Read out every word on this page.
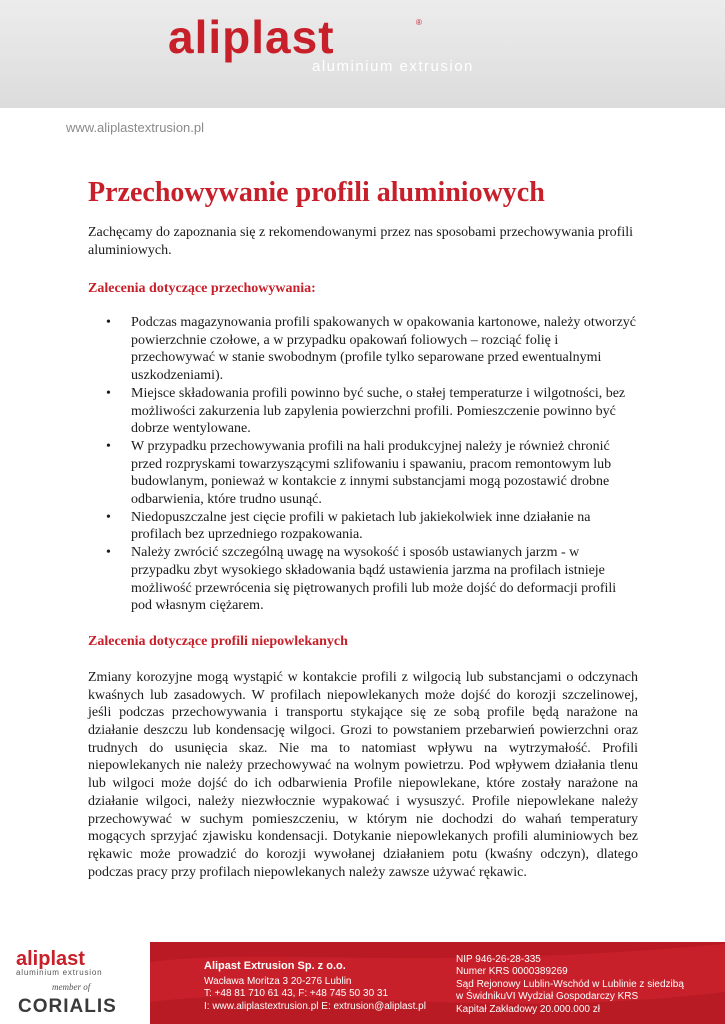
aliplast	®
aluminium extrusion
www.aliplastextrusion.pl
Przechowywanie profili aluminiowych

Zachęcamy do zapoznania się z rekomendowanymi przez nas sposobami przechowywania profili aluminiowych.

Zalecenia dotyczące przechowywania:
• Podczas magazynowania profili spakowanych w opakowania kartonowe, należy otworzyć powierzchnie czołowe, a w przypadku opakowań foliowych – rozciąć folię i przechowywać w stanie swobodnym (profile tylko separowane przed ewentualnymi uszkodzeniami).
• Miejsce składowania profili powinno być suche, o stałej temperaturze i wilgotności, bez możliwości zakurzenia lub zapylenia powierzchni profili. Pomieszczenie powinno być dobrze wentylowane.
• W przypadku przechowywania profili na hali produkcyjnej należy je również chronić przed rozpryskami towarzyszącymi szlifowaniu i spawaniu, pracom remontowym lub budowlanym, ponieważ w kontakcie z innymi substancjami mogą pozostawić drobne odbarwienia, które trudno usunąć.
• Niedopuszczalne jest cięcie profili w pakietach lub jakiekolwiek inne działanie na profilach bez uprzedniego rozpakowania.
• Należy zwrócić szczególną uwagę na wysokość i sposób ustawianych jarzm - w przypadku zbyt wysokiego składowania bądź ustawienia jarzma na profilach istnieje możliwość przewrócenia się piętrowanych profili lub może dojść do deformacji profili pod własnym ciężarem.
Zalecenia dotyczące profili niepowlekanych

Zmiany korozyjne mogą wystąpić w kontakcie profili z wilgocią lub substancjami o odczynach kwaśnych lub zasadowych. W profilach niepowlekanych może dojść do korozji szczelinowej, jeśli podczas przechowywania i transportu stykające się ze sobą profile będą narażone na działanie deszczu lub kondensację wilgoci. Grozi to powstaniem przebarwień powierzchni oraz trudnych do usunięcia skaz. Nie ma to natomiast wpływu na wytrzymałość. Profili niepowlekanych nie należy przechowywać na wolnym powietrzu. Pod wpływem działania tlenu lub wilgoci może dojść do ich odbarwienia Profile niepowlekane, które zostały narażone na działanie wilgoci, należy niezwłocznie wypakować i wysuszyć. Profile niepowlekane należy przechowywać w suchym pomieszczeniu, w którym nie dochodzi do wahań temperatury mogących sprzyjać zjawisku kondensacji. Dotykanie niepowlekanych profili aluminiowych bez rękawic może prowadzić do korozji wywołanej działaniem potu (kwaśny odczyn), dlatego podczas pracy przy profilach niepowlekanych należy zawsze używać rękawic.

aliplast
aluminium extrusion
member of
CORIALIS
Alipast Extrusion Sp. z o.o.
Wacława Moritza 3 20-276 Lublin
T: +48 81 710 61 43, F: +48 745 50 30 31
I: www.aliplastextrusion.pl E: extrusion@aliplast.pl
NIP 946-26-28-335
Numer KRS 0000389269
Sąd Rejonowy Lublin-Wschód w Lublinie z siedzibą
w ŚwidnikuVI Wydział Gospodarczy KRS
Kapitał Zakładowy 20.000.000 zł
